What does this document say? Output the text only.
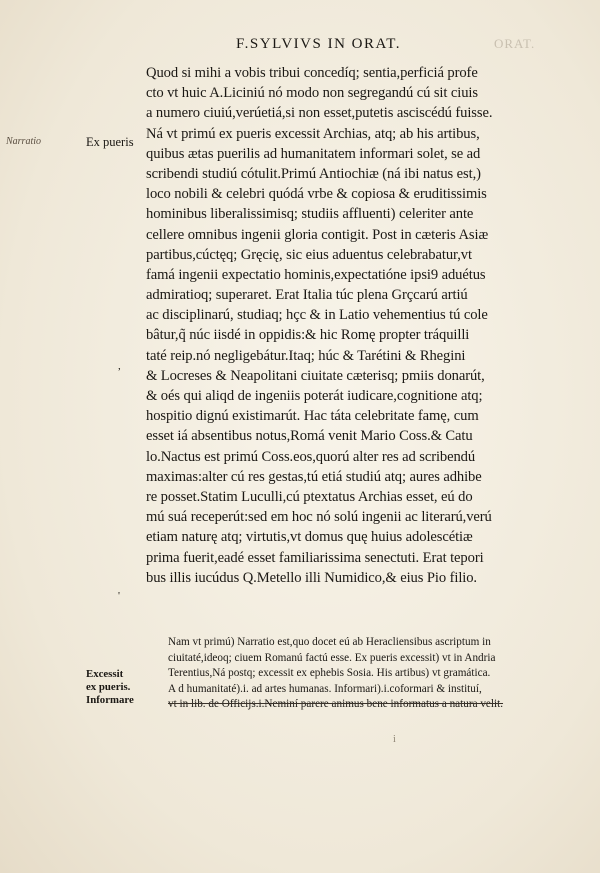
F.SYLVIVS IN ORAT.	ORAT.
Narratio	Ex pueris
,
'
Quod si mihi a vobis tribui concedíq; sentia,perficiá profe
cto vt huic A.Liciniú nó modo non segregandú cú sit ciuis
a numero ciuiú,verúetiá,si non esset,putetis asciscédú fuisse.
Ná vt primú ex pueris excessit Archias, atq; ab his artibus,
quibus ætas puerilis ad humanitatem informari solet, se ad
scribendi studiú cótulit.Primú Antiochiæ (ná ibi natus est,)
loco nobili & celebri quódá vrbe & copiosa & eruditissimis
hominibus liberalissimisq; studiis affluenti) celeriter ante
cellere omnibus ingenii gloria contigit. Post in cæteris Asiæ
partibus,cúctęq; Gręcię, sic eius aduentus celebrabatur,vt
famá ingenii expectatio hominis,expectatióne ipsi9 aduétus
admiratioq; superaret. Erat Italia túc plena Grçcarú artiú
ac disciplinarú, studiaq; hçc & in Latio vehementius tú cole
bâtur,q̃ núc iisdé in oppidis:& hic Romę propter tráquilli
taté reip.nó negligebátur.Itaq; húc & Tarétini & Rhegini
& Locreses & Neapolitani ciuitate cæterisq; pmiis donarút,
& oés qui aliqd de ingeniis poterát iudicare,cognitione atq;
hospitio dignú existimarút. Hac táta celebritate famę, cum
esset iá absentibus notus,Romá venit Mario Coss.& Catu
lo.Nactus est primú Coss.eos,quorú alter res ad scribendú
maximas:alter cú res gestas,tú etiá studiú atq; aures adhibe
re posset.Statim Luculli,cú ptextatus Archias esset, eú do
mú suá receperút:sed em hoc nó solú ingenii ac literarú,verú
etiam naturę atq; virtutis,vt domus quę huius adolescétiæ
prima fuerit,eadé esset familiarissima senectuti. Erat tepori
bus illis iucúdus Q.Metello illi Numidico,& eius Pio filio.
Excessit
ex pueris.
Informare
Nam vt primú) Narratio est,quo docet eú ab Heracliensibus ascriptum in
ciuitaté,ideoq; ciuem Romanú factú esse. Ex pueris excessit) vt in Andria
Terentius,Ná postq; excessit ex ephebis Sosia. His artibus) vt gramática.
A d humanitaté).i. ad artes humanas. Informari).i.coformari & instituí,
vt in lib. de Officijs.i.Neminí parere animus bene informatus a natura velit.
i
